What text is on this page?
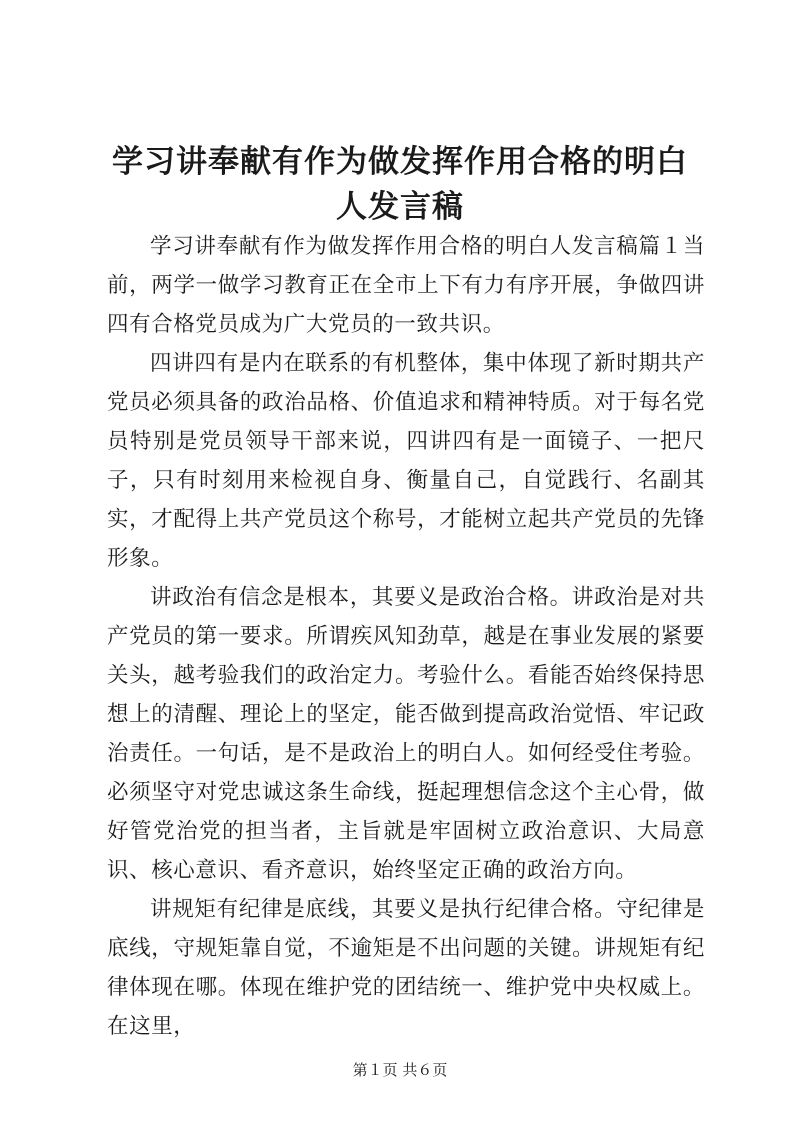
学习讲奉献有作为做发挥作用合格的明白人发言稿

学习讲奉献有作为做发挥作用合格的明白人发言稿篇１当前，两学一做学习教育正在全市上下有力有序开展，争做四讲四有合格党员成为广大党员的一致共识。

四讲四有是内在联系的有机整体，集中体现了新时期共产党员必须具备的政治品格、价值追求和精神特质。对于每名党员特别是党员领导干部来说，四讲四有是一面镜子、一把尺子，只有时刻用来检视自身、衡量自己，自觉践行、名副其实，才配得上共产党员这个称号，才能树立起共产党员的先锋形象。

讲政治有信念是根本，其要义是政治合格。讲政治是对共产党员的第一要求。所谓疾风知劲草，越是在事业发展的紧要关头，越考验我们的政治定力。考验什么。看能否始终保持思想上的清醒、理论上的坚定，能否做到提高政治觉悟、牢记政治责任。一句话，是不是政治上的明白人。如何经受住考验。必须坚守对党忠诚这条生命线，挺起理想信念这个主心骨，做好管党治党的担当者，主旨就是牢固树立政治意识、大局意识、核心意识、看齐意识，始终坚定正确的政治方向。

讲规矩有纪律是底线，其要义是执行纪律合格。守纪律是底线，守规矩靠自觉，不逾矩是不出问题的关键。讲规矩有纪律体现在哪。体现在维护党的团结统一、维护党中央权威上。在这里，

第１页 共６页
